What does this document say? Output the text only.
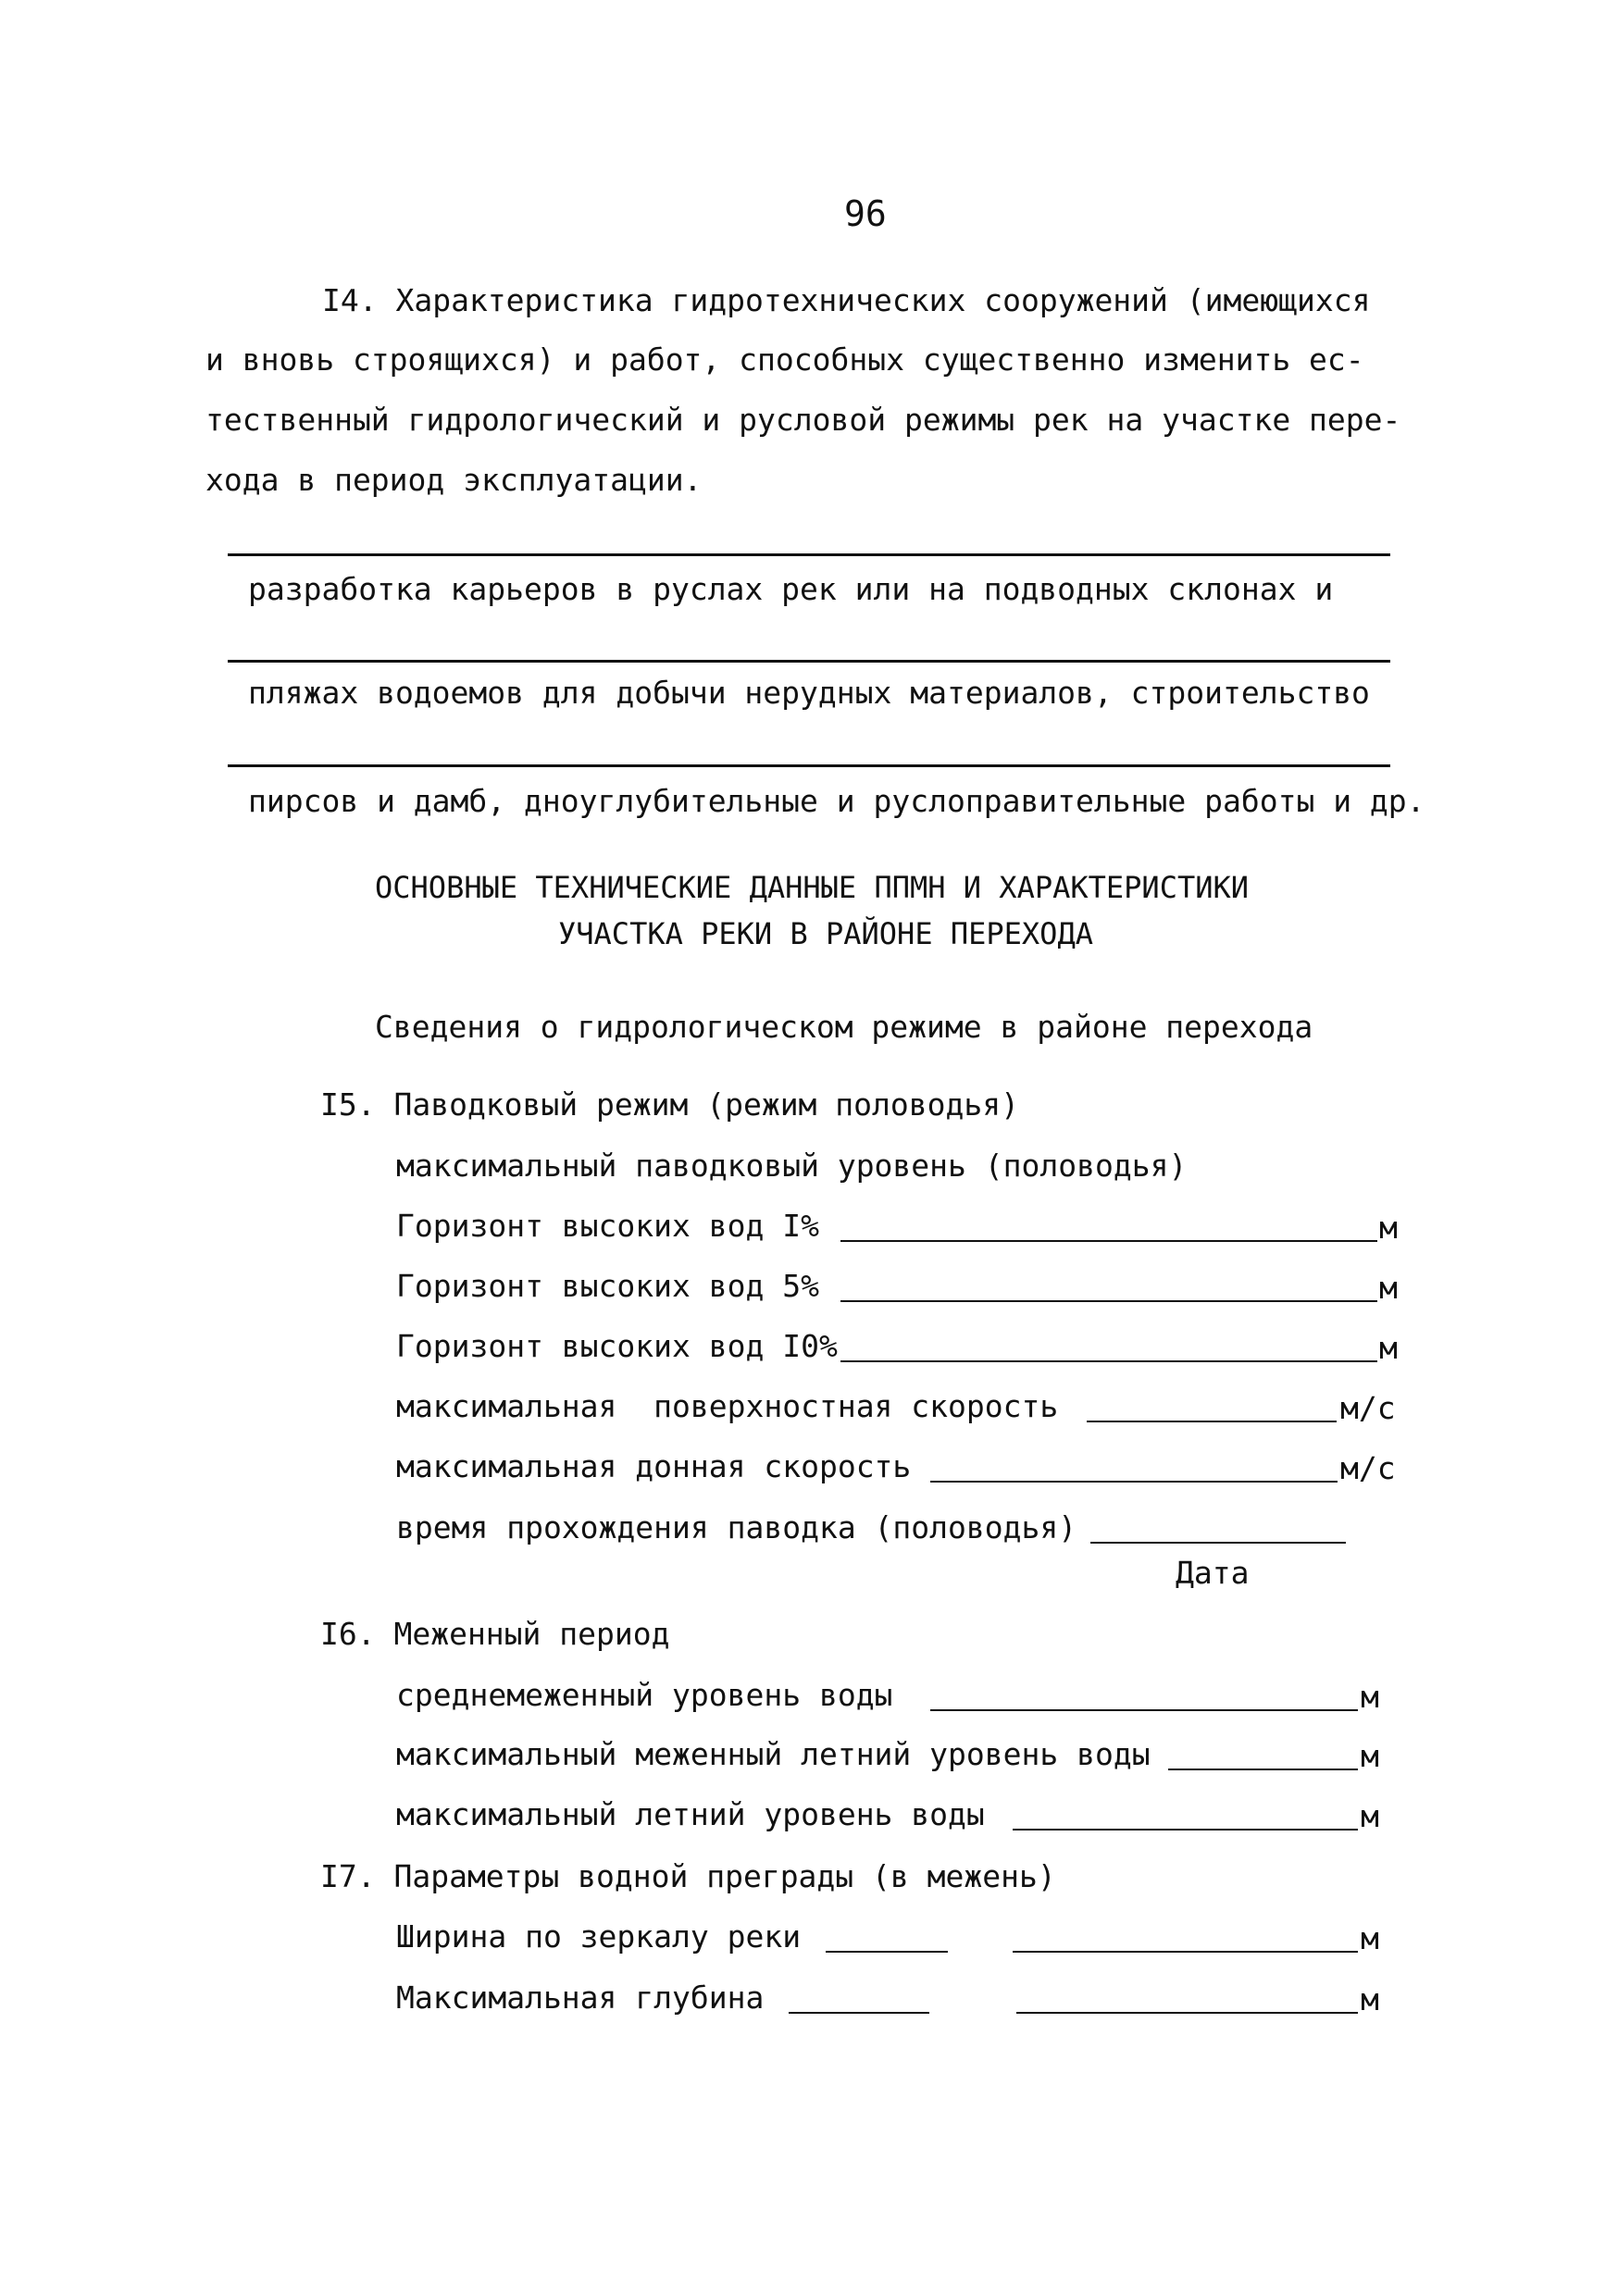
96
I4. Характеристика гидротехнических сооружений (имеющихся
и вновь строящихся) и работ, способных существенно изменить ес-
тественный гидрологический и русловой режимы рек на участке пере-
хода в период эксплуатации.
разработка карьеров в руслах рек или на подводных склонах и
пляжах водоемов для добычи нерудных материалов, строительство
пирсов и дамб, дноуглубительные и руслоправительные работы и др.
ОСНОВНЫЕ ТЕХНИЧЕСКИЕ ДАННЫЕ ППМН И ХАРАКТЕРИСТИКИ
УЧАСТКА РЕКИ В РАЙОНЕ ПЕРЕХОДА
Сведения о гидрологическом режиме в районе перехода
I5. Паводковый режим (режим половодья)
максимальный паводковый уровень (половодья)
Горизонт высоких вод I%	м
Горизонт высоких вод 5%	м
Горизонт высоких вод I0%	м
максимальная  поверхностная скорость	м/с
максимальная донная скорость	м/с
время прохождения паводка (половодья)
Дата
I6. Меженный период
среднемеженный уровень воды	м
максимальный меженный летний уровень воды	м
максимальный летний уровень воды	м
I7. Параметры водной преграды (в межень)
Ширина по зеркалу реки	м
Максимальная глубина	м
